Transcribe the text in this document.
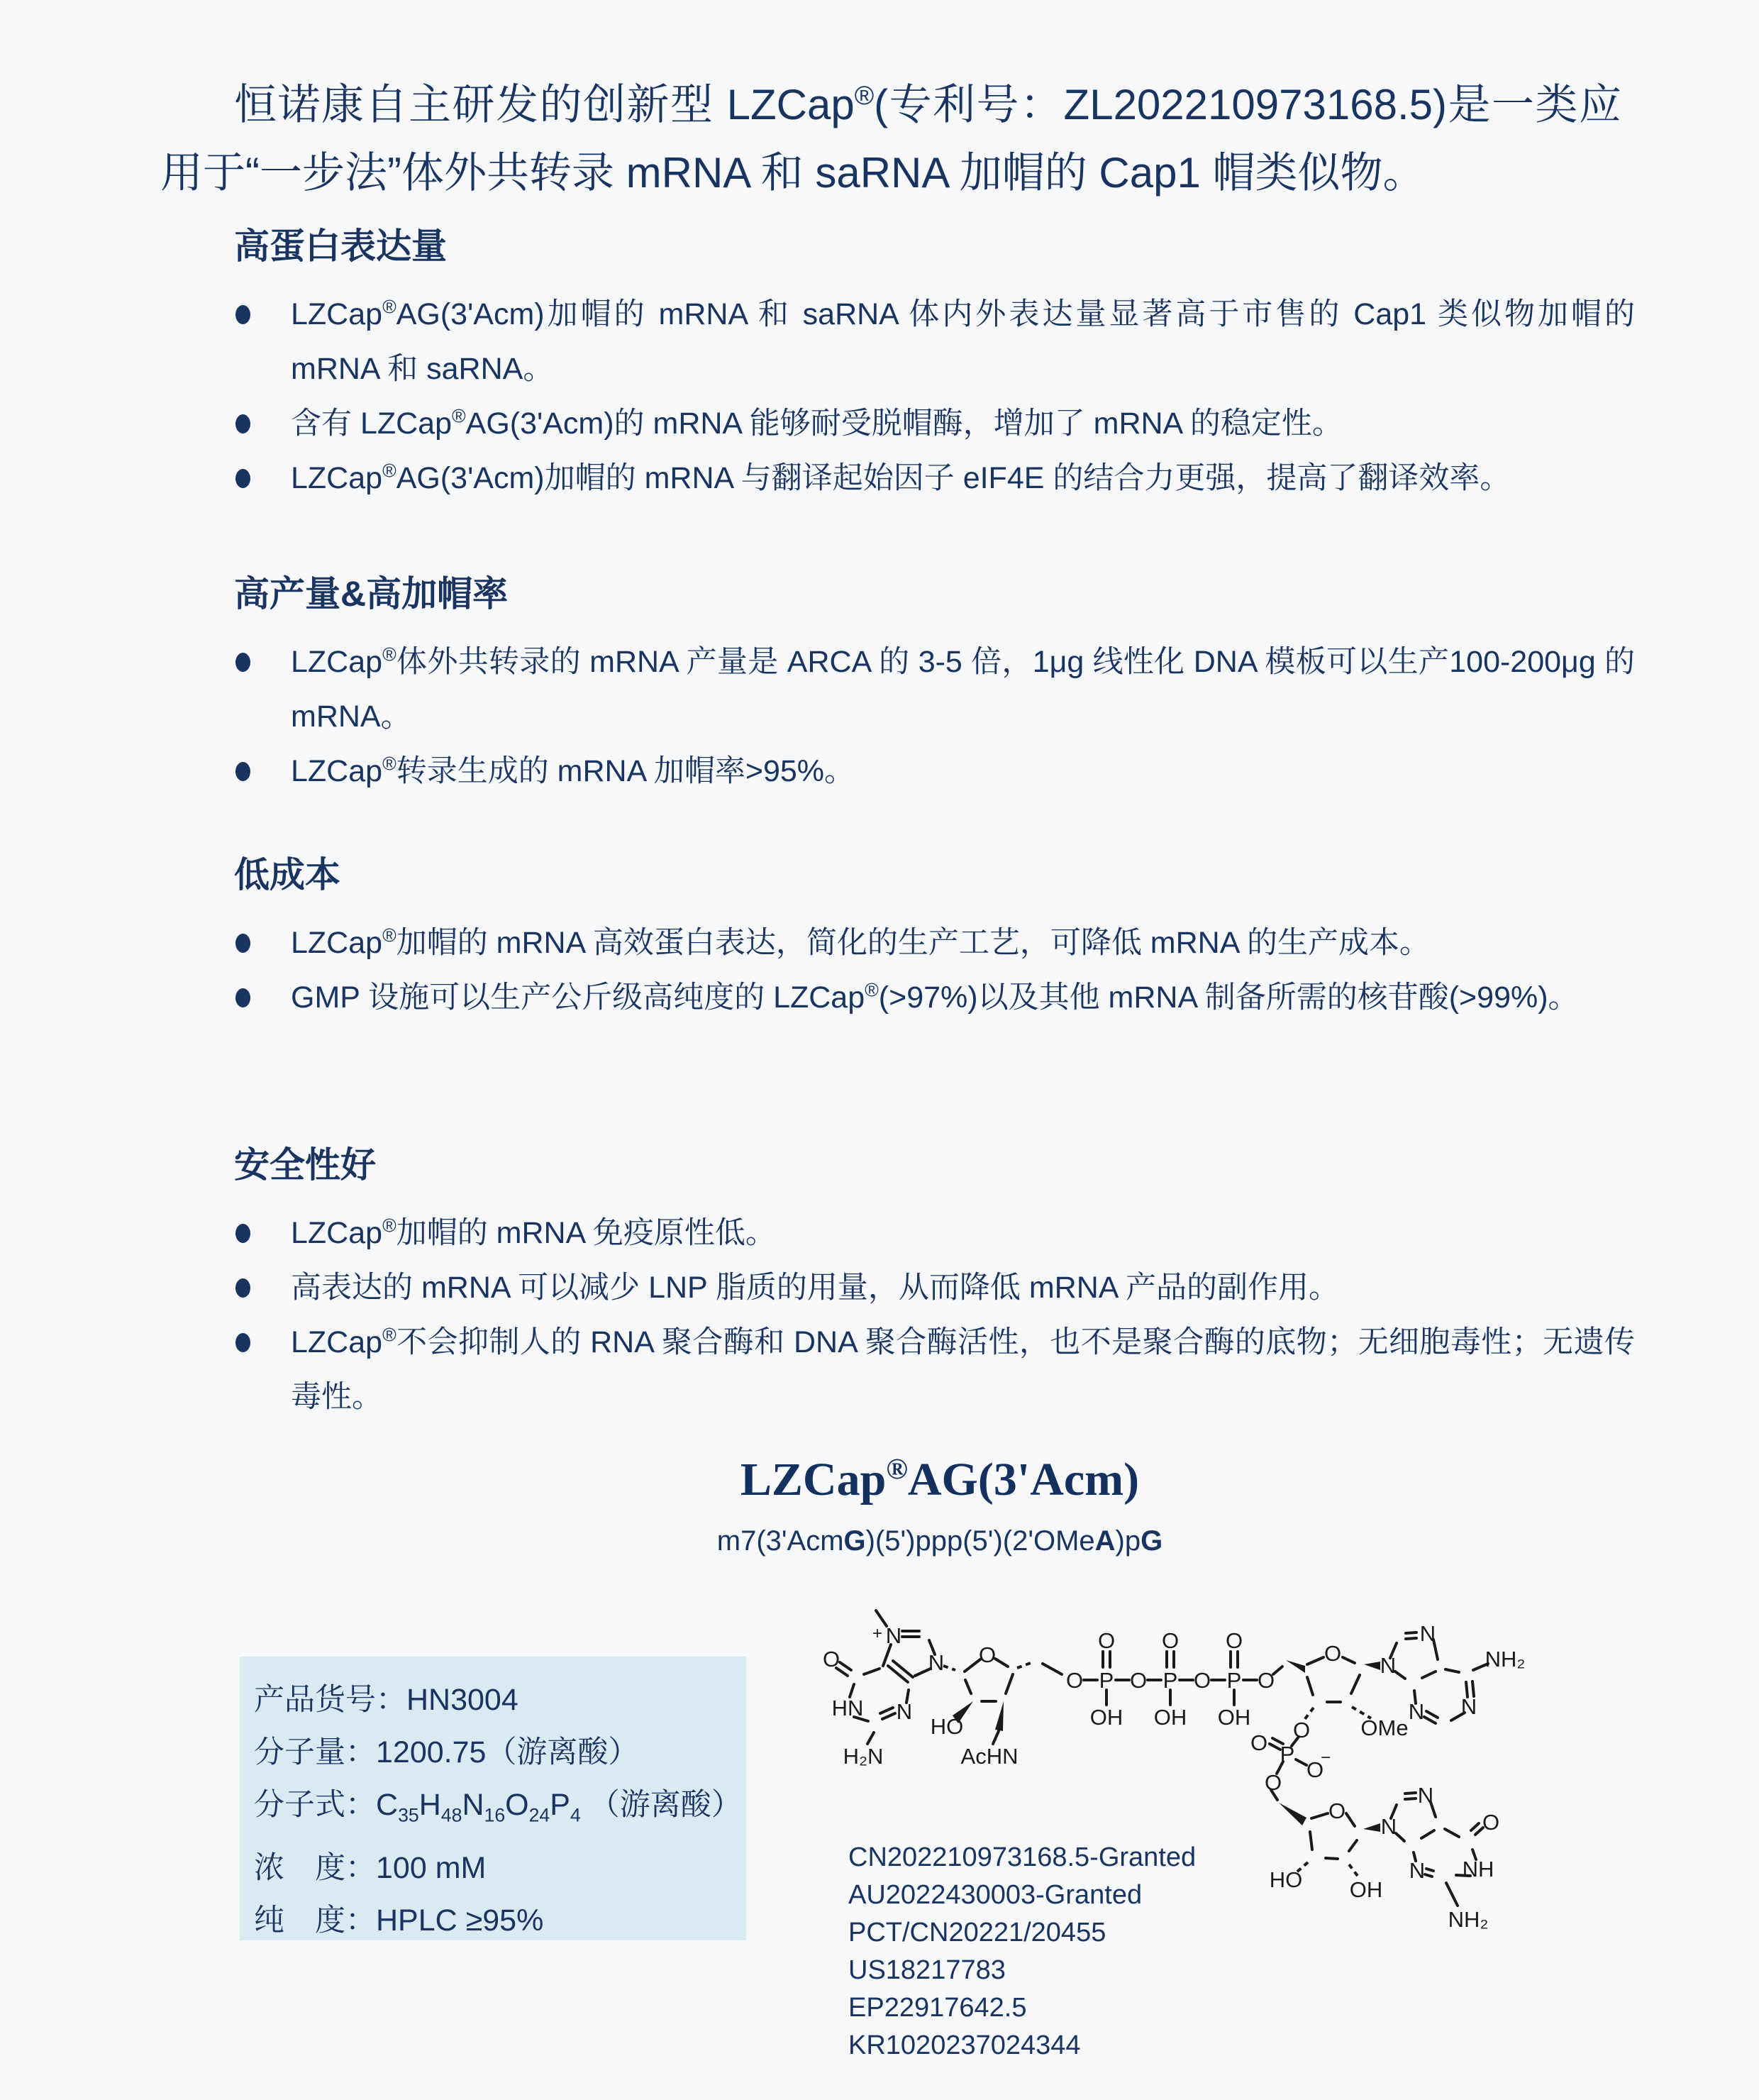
恒诺康自主研发的创新型 LZCap®(专利号：ZL202210973168.5)是一类应用于“一步法”体外共转录 mRNA 和 saRNA 加帽的 Cap1 帽类似物。

高蛋白表达量
LZCap®AG(3'Acm)加帽的 mRNA 和 saRNA 体内外表达量显著高于市售的 Cap1 类似物加帽的 mRNA 和 saRNA。
含有 LZCap®AG(3'Acm)的 mRNA 能够耐受脱帽酶，增加了 mRNA 的稳定性。
LZCap®AG(3'Acm)加帽的 mRNA 与翻译起始因子 eIF4E 的结合力更强，提高了翻译效率。
高产量&高加帽率
LZCap®体外共转录的 mRNA 产量是 ARCA 的 3-5 倍，1μg 线性化 DNA 模板可以生产100-200μg 的 mRNA。
LZCap®转录生成的 mRNA 加帽率>95%。
低成本
LZCap®加帽的 mRNA 高效蛋白表达，简化的生产工艺，可降低 mRNA 的生产成本。
GMP 设施可以生产公斤级高纯度的 LZCap®(>97%)以及其他 mRNA 制备所需的核苷酸(>99%)。
安全性好
LZCap®加帽的 mRNA 免疫原性低。
高表达的 mRNA 可以减少 LNP 脂质的用量，从而降低 mRNA 产品的副作用。
LZCap®不会抑制人的 RNA 聚合酶和 DNA 聚合酶活性，也不是聚合酶的底物；无细胞毒性；无遗传毒性。
LZCap®AG(3'Acm)
m7(3'AcmG)(5')ppp(5')(2'OMeA)pG
产品货号：HN3004
分子量：1200.75（游离酸）
分子式：$C_{35}H_{48}N_{16}O_{24}P_4$ （游离酸）
浓　度：100 mM
纯　度：HPLC ≥95%
CN202210973168.5-Granted
AU2022430003-Granted
PCT/CN20221/20455
US18217783
EP22917642.5
KR1020237024344
O
+ N
N
HN N
H₂N
O
HO
AcHN
O P O P O P O
O O O
OH OH OH
O N
N
NH₂
N
N
OMe
O
O P
O
−
O
O
N
N
O
NH
N
NH₂
HO OH
